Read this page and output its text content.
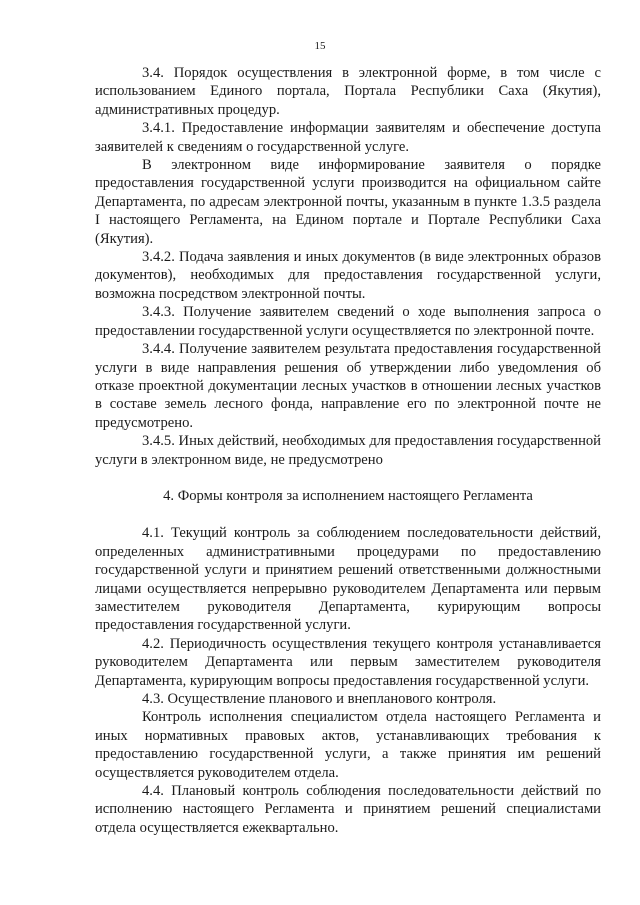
15

3.4. Порядок осуществления в электронной форме, в том числе с использованием Единого портала, Портала Республики Саха (Якутия), административных процедур.

3.4.1. Предоставление информации заявителям и обеспечение доступа заявителей к сведениям о государственной услуге.

В электронном виде информирование заявителя о порядке предоставления государственной услуги производится на официальном сайте Департамента, по адресам электронной почты, указанным в пункте 1.3.5 раздела I настоящего Регламента, на Едином портале и Портале Республики Саха (Якутия).

3.4.2. Подача заявления и иных документов (в виде электронных образов документов), необходимых для предоставления государственной услуги, возможна посредством электронной почты.

3.4.3. Получение заявителем сведений о ходе выполнения запроса о предоставлении государственной услуги осуществляется по электронной почте.

3.4.4. Получение заявителем результата предоставления государственной услуги в виде направления решения об утверждении либо уведомления об отказе проектной документации лесных участков в отношении лесных участков в составе земель лесного фонда, направление его по электронной почте не предусмотрено.

3.4.5. Иных действий, необходимых для предоставления государственной услуги в электронном виде, не предусмотрено

4. Формы контроля за исполнением настоящего Регламента

4.1. Текущий контроль за соблюдением последовательности действий, определенных административными процедурами по предоставлению государственной услуги и принятием решений ответственными должностными лицами осуществляется непрерывно руководителем Департамента или первым заместителем руководителя Департамента, курирующим вопросы предоставления государственной услуги.

4.2. Периодичность осуществления текущего контроля устанавливается руководителем Департамента или первым заместителем руководителя Департамента, курирующим вопросы предоставления государственной услуги.

4.3. Осуществление планового и внепланового контроля.

Контроль исполнения специалистом отдела настоящего Регламента и иных нормативных правовых актов, устанавливающих требования к предоставлению государственной услуги, а также принятия им решений осуществляется руководителем отдела.

4.4. Плановый контроль соблюдения последовательности действий по исполнению настоящего Регламента и принятием решений специалистами отдела осуществляется ежеквартально.
